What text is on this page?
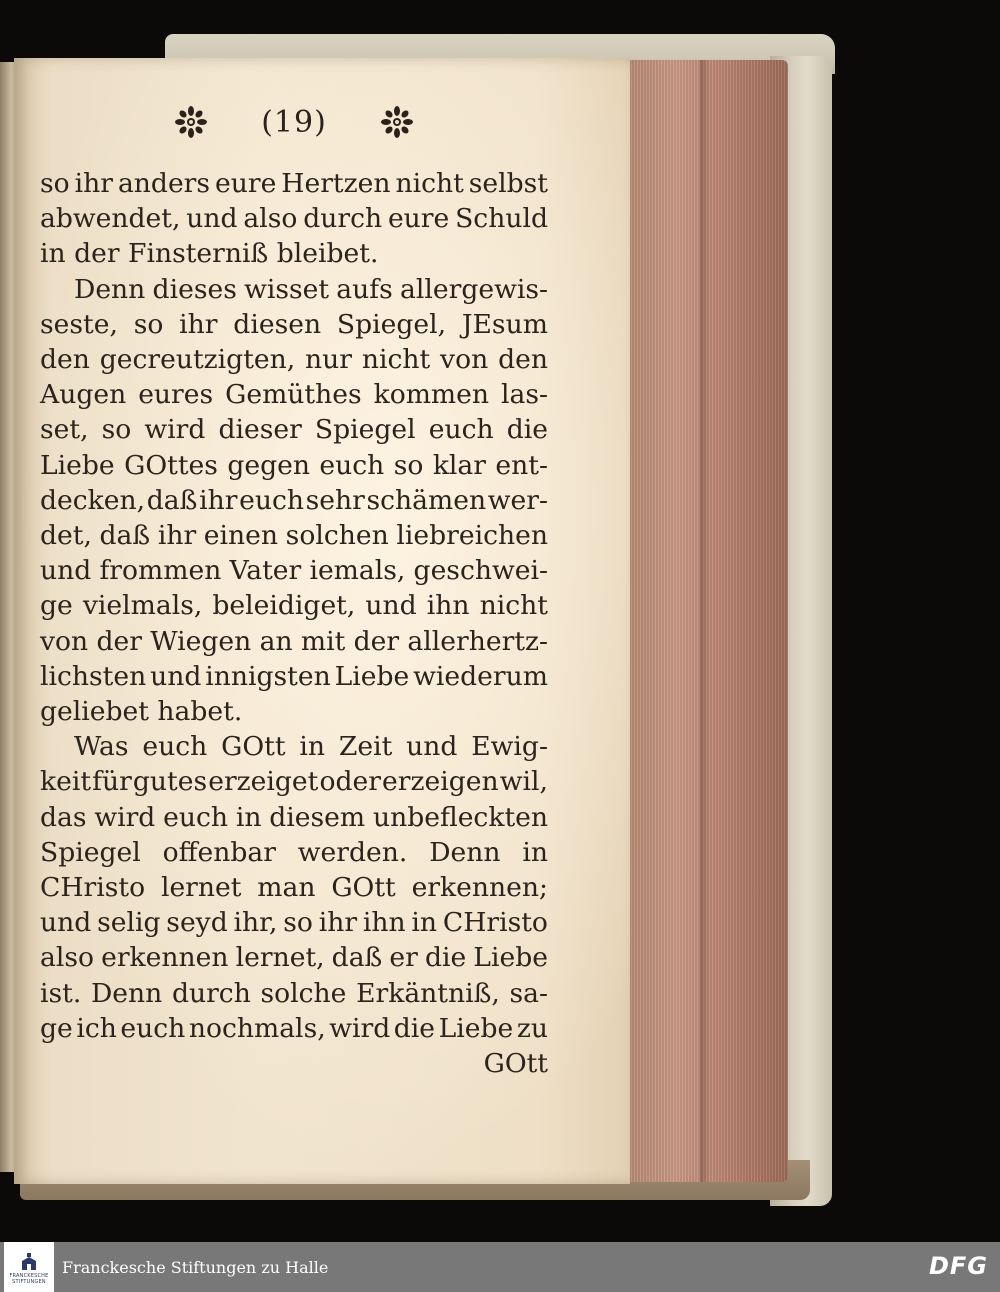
(19)
so ihr anders eure Hertzen nicht selbst
abwendet, und also durch eure Schuld
in der Finsterniß bleibet.
Denn dieses wisset aufs allergewis-
seste, so ihr diesen Spiegel, JEsum
den gecreutzigten, nur nicht von den
Augen eures Gemüthes kommen las-
set, so wird dieser Spiegel euch die
Liebe GOttes gegen euch so klar ent-
decken, daß ihr euch sehr schämen wer-
det, daß ihr einen solchen liebreichen
und frommen Vater iemals, geschwei-
ge vielmals, beleidiget, und ihn nicht
von der Wiegen an mit der allerhertz-
lichsten und innigsten Liebe wiederum
geliebet habet.
Was euch GOtt in Zeit und Ewig-
keit für gutes erzeiget oder erzeigen wil,
das wird euch in diesem unbefleckten
Spiegel offenbar werden. Denn in
CHristo lernet man GOtt erkennen;
und selig seyd ihr, so ihr ihn in CHristo
also erkennen lernet, daß er die Liebe
ist. Denn durch solche Erkäntniß, sa-
ge ich euch nochmals, wird die Liebe zu
GOtt
FRANCKESCHE STIFTUNGEN
Franckesche Stiftungen zu Halle	DFG
